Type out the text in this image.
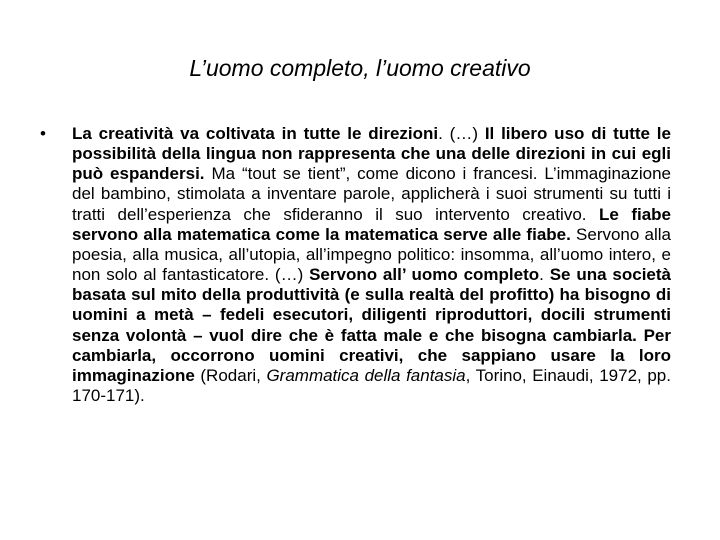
L’uomo completo, l’uomo creativo
• La creatività va coltivata in tutte le direzioni. (…) Il libero uso di tutte le possibilità della lingua non rappresenta che una delle direzioni in cui egli può espandersi. Ma “tout se tient”, come dicono i francesi. L’immaginazione del bambino, stimolata a inventare parole, applicherà i suoi strumenti su tutti i tratti dell’esperienza che sfideranno il suo intervento creativo. Le fiabe servono alla matematica come la matematica serve alle fiabe. Servono alla poesia, alla musica, all’utopia, all’impegno politico: insomma, all’uomo intero, e non solo al fantasticatore. (…) Servono all’ uomo completo. Se una società basata sul mito della produttività (e sulla realtà del profitto) ha bisogno di uomini a metà – fedeli esecutori, diligenti riproduttori, docili strumenti senza volontà – vuol dire che è fatta male e che bisogna cambiarla. Per cambiarla, occorrono uomini creativi, che sappiano usare la loro immaginazione (Rodari, Grammatica della fantasia, Torino, Einaudi, 1972, pp. 170-171).
